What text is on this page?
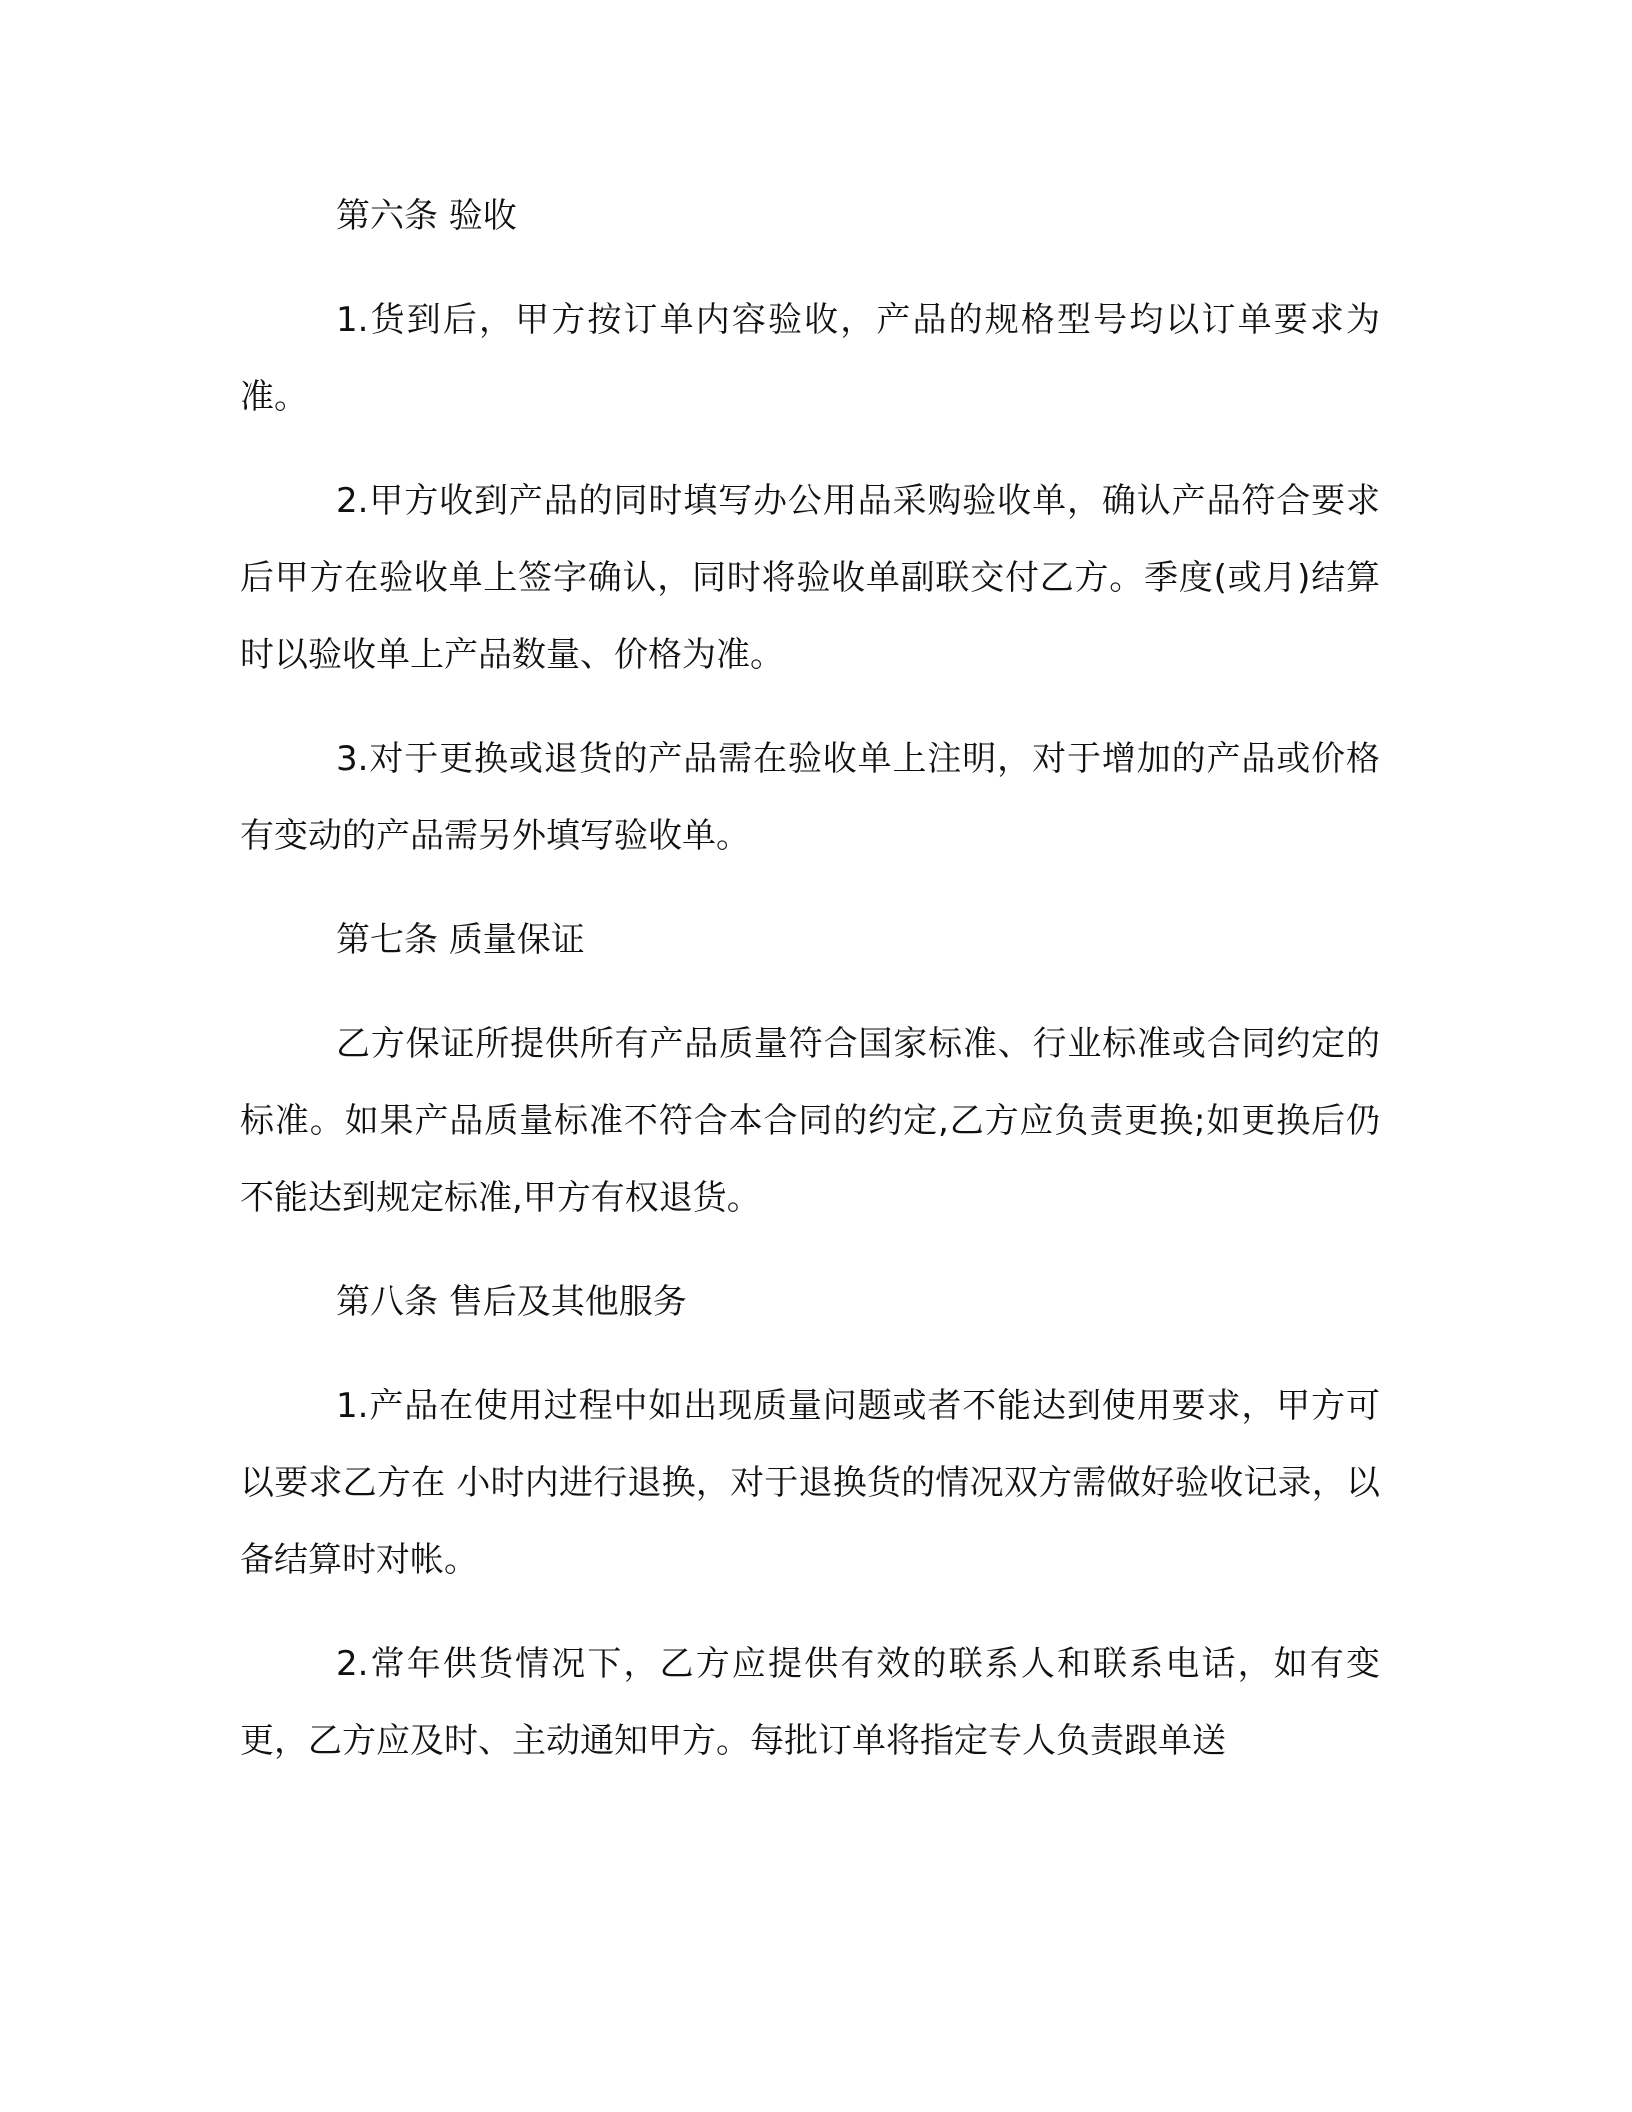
第六条 验收

1.货到后，甲方按订单内容验收，产品的规格型号均以订单要求为准。

2.甲方收到产品的同时填写办公用品采购验收单，确认产品符合要求后甲方在验收单上签字确认，同时将验收单副联交付乙方。季度(或月)结算时以验收单上产品数量、价格为准。

3.对于更换或退货的产品需在验收单上注明，对于增加的产品或价格有变动的产品需另外填写验收单。

第七条 质量保证

乙方保证所提供所有产品质量符合国家标准、行业标准或合同约定的标准。如果产品质量标准不符合本合同的约定,乙方应负责更换;如更换后仍不能达到规定标准,甲方有权退货。

第八条 售后及其他服务

1.产品在使用过程中如出现质量问题或者不能达到使用要求，甲方可以要求乙方在 小时内进行退换，对于退换货的情况双方需做好验收记录，以备结算时对帐。

2.常年供货情况下，乙方应提供有效的联系人和联系电话，如有变更，乙方应及时、主动通知甲方。每批订单将指定专人负责跟单送
